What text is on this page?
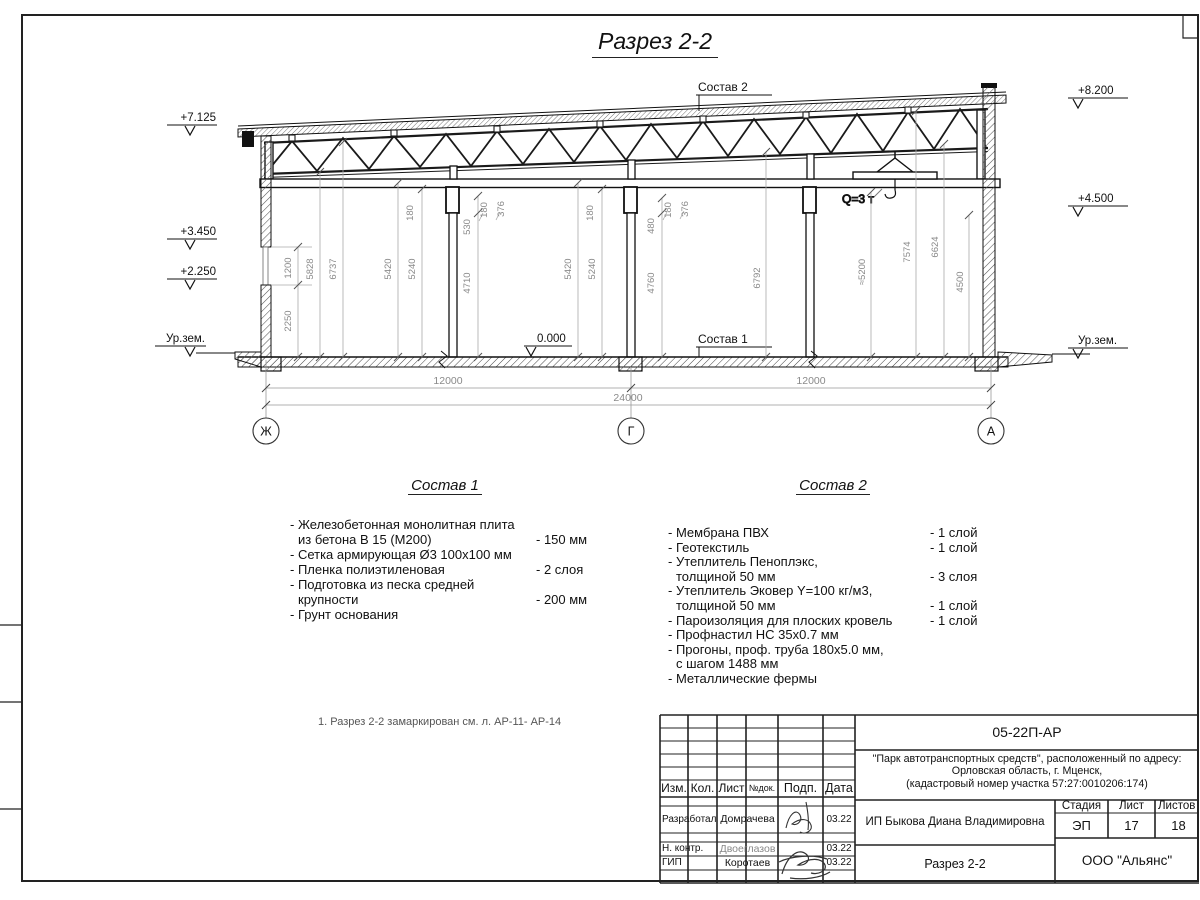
Q=3 т
+7.125
+3.450
+2.250
Ур.зем.
+8.200
+4.500
Ур.зем.
0.000
Состав 2
Состав 1
2250
1200 5828 6737	5420 5240
180
530
4710
180 376
5420 5240
180
480
4760
180 376
6792	≈5200
7574 6624
4500
12000	12000
24000
Ж	Г	А
Разрез 2-2
Состав 1
- Железобетонная монолитная плита
из бетона В 15 (М200)	- 150 мм
- Сетка армирующая Ø3 100х100 мм
- Пленка полиэтиленовая	- 2 слоя
- Подготовка из песка средней
крупности	- 200 мм
- Грунт основания
Состав 2
- Мембрана ПВХ	- 1 слой
- Геотекстиль	- 1 слой
- Утеплитель Пеноплэкс,
толщиной 50 мм	- 3 слоя
- Утеплитель Эковер Y=100 кг/м3,
толщиной 50 мм	- 1 слой
- Пароизоляция для плоских кровель	- 1 слой
- Профнастил НС 35х0.7 мм
- Прогоны, проф. труба 180х5.0 мм,
с шагом 1488 мм
- Металлические фермы
1. Разрез 2-2 замаркирован см. л. АР-11- АР-14
Изм. Кол. Лист №док. Подп. Дата
Разработал Домрачева	03.22
Н. контр.	Двоеглазов	03.22
ГИП	Коротаев	03.22
05-22П-АР
"Парк автотранспортных средств", расположенный по адресу:
Орловская область, г. Мценск,
(кадастровый номер участка 57:27:0010206:174)
ИП Быкова Диана Владимировна
Стадия	Лист	Листов
ЭП	17	18
Разрез 2-2	ООО "Альянс"
